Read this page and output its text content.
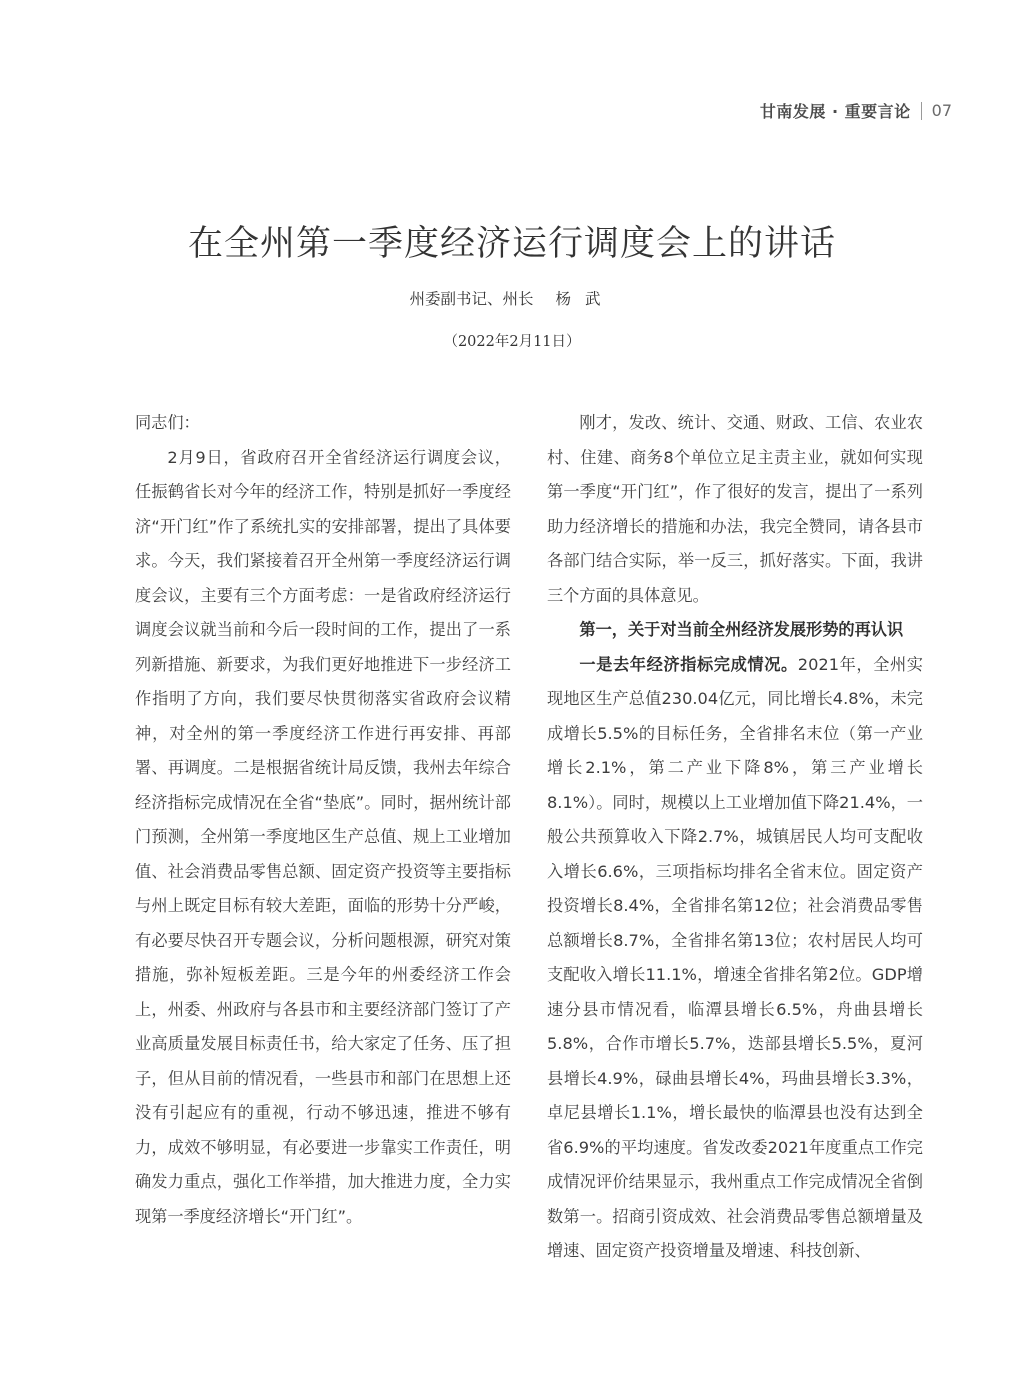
甘南发展 · 重要言论 07
在全州第一季度经济运行调度会上的讲话
州委副书记、州长 杨武
（2022年2月11日）

同志们：

2月9日，省政府召开全省经济运行调度会议，任振鹤省长对今年的经济工作，特别是抓好一季度经济“开门红”作了系统扎实的安排部署，提出了具体要求。今天，我们紧接着召开全州第一季度经济运行调度会议，主要有三个方面考虑：一是省政府经济运行调度会议就当前和今后一段时间的工作，提出了一系列新措施、新要求，为我们更好地推进下一步经济工作指明了方向，我们要尽快贯彻落实省政府会议精神，对全州的第一季度经济工作进行再安排、再部署、再调度。二是根据省统计局反馈，我州去年综合经济指标完成情况在全省“垫底”。同时，据州统计部门预测，全州第一季度地区生产总值、规上工业增加值、社会消费品零售总额、固定资产投资等主要指标与州上既定目标有较大差距，面临的形势十分严峻，有必要尽快召开专题会议，分析问题根源，研究对策措施，弥补短板差距。三是今年的州委经济工作会上，州委、州政府与各县市和主要经济部门签订了产业高质量发展目标责任书，给大家定了任务、压了担子，但从目前的情况看，一些县市和部门在思想上还没有引起应有的重视，行动不够迅速，推进不够有力，成效不够明显，有必要进一步靠实工作责任，明确发力重点，强化工作举措，加大推进力度，全力实现第一季度经济增长“开门红”。

刚才，发改、统计、交通、财政、工信、农业农村、住建、商务8个单位立足主责主业，就如何实现第一季度“开门红”，作了很好的发言，提出了一系列助力经济增长的措施和办法，我完全赞同，请各县市各部门结合实际，举一反三，抓好落实。下面，我讲三个方面的具体意见。

第一，关于对当前全州经济发展形势的再认识

一是去年经济指标完成情况。2021年，全州实现地区生产总值230.04亿元，同比增长4.8%，未完成增长5.5%的目标任务，全省排名末位（第一产业增长2.1%，第二产业下降8%，第三产业增长8.1%）。同时，规模以上工业增加值下降21.4%，一般公共预算收入下降2.7%，城镇居民人均可支配收入增长6.6%，三项指标均排名全省末位。固定资产投资增长8.4%，全省排名第12位；社会消费品零售总额增长8.7%，全省排名第13位；农村居民人均可支配收入增长11.1%，增速全省排名第2位。GDP增速分县市情况看，临潭县增长6.5%，舟曲县增长5.8%，合作市增长5.7%，迭部县增长5.5%，夏河县增长4.9%，碌曲县增长4%，玛曲县增长3.3%，卓尼县增长1.1%，增长最快的临潭县也没有达到全省6.9%的平均速度。省发改委2021年度重点工作完成情况评价结果显示，我州重点工作完成情况全省倒数第一。招商引资成效、社会消费品零售总额增量及增速、固定资产投资增量及增速、科技创新、
